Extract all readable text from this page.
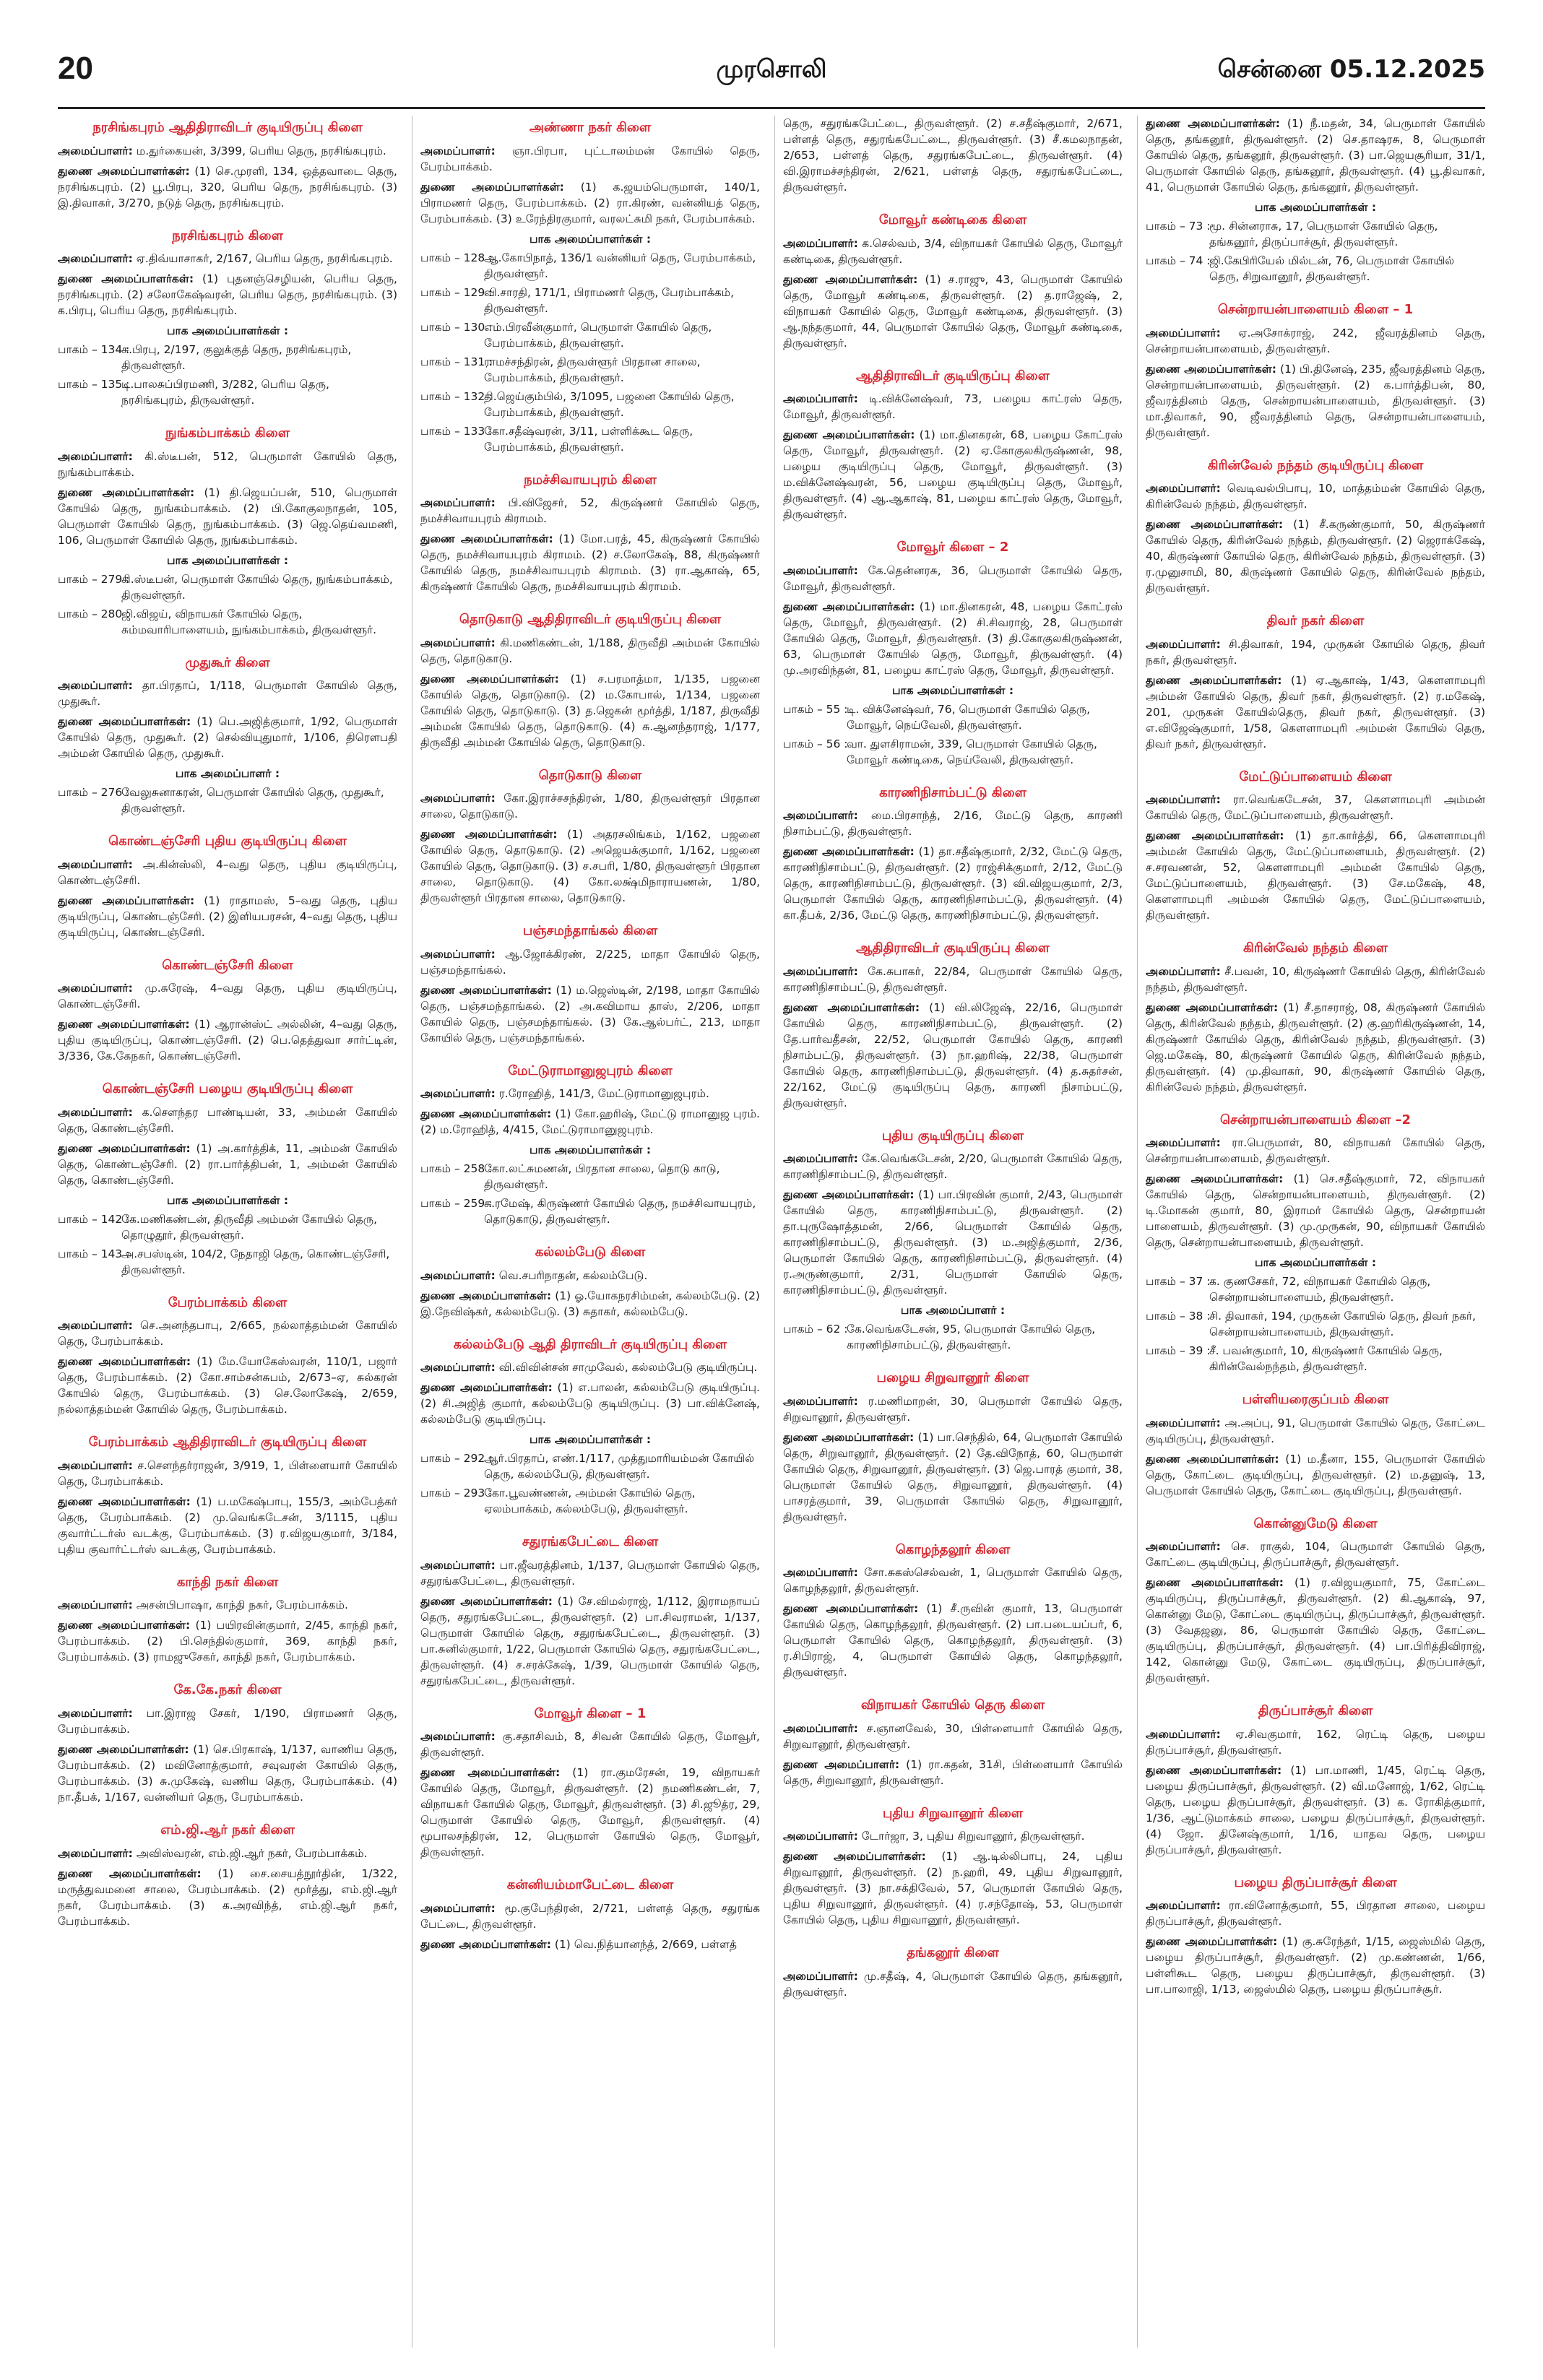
20	முரசொலி	சென்னை 05.12.2025
நரசிங்கபுரம் ஆதிதிராவிடர் குடியிருப்பு கிளை
அமைப்பாளர்: ம.துர்கையன், 3/399, பெரிய தெரு, நரசிங்கபுரம்.
துணை அமைப்பாளர்கள்: (1) செ.முரளி, 134, ஒத்தவாடை தெரு, நரசிங்கபுரம். (2) பூ.பிரபு, 320, பெரிய தெரு, நரசிங்கபுரம். (3) இ.திவாகர், 3/270, நடுத் தெரு, நரசிங்கபுரம்.
நரசிங்கபுரம் கிளை
அமைப்பாளர்: ஏ.திவ்யாசாகர், 2/167, பெரிய தெரு, நரசிங்கபுரம்.
துணை அமைப்பாளர்கள்: (1) புதனஞ்செழியன், பெரிய தெரு, நரசிங்கபுரம். (2) சலோகேஷ்வரன், பெரிய தெரு, நரசிங்கபுரம். (3) க.பிரபு, பெரிய தெரு, நரசிங்கபுரம்.
பாக அமைப்பாளர்கள் :
பாகம் – 134 :
சு.பிரபு, 2/197, குலுக்குத் தெரு, நரசிங்கபுரம், திருவள்ளூர்.
பாகம் – 135 :
டி.பாலசுப்பிரமணி, 3/282, பெரிய தெரு, நரசிங்கபுரம், திருவள்ளூர்.
நுங்கம்பாக்கம் கிளை
அமைப்பாளர்: கி.ஸ்டீபன், 512, பெருமாள் கோயில் தெரு, நுங்கம்பாக்கம்.
துணை அமைப்பாளர்கள்: (1) தி.ஜெயப்பன், 510, பெருமாள் கோயில் தெரு, நுங்கம்பாக்கம். (2) பி.கோகுலநாதன், 105, பெருமாள் கோயில் தெரு, நுங்கம்பாக்கம். (3) ஜெ.தெய்வமணி, 106, பெருமாள் கோயில் தெரு, நுங்கம்பாக்கம்.
பாக அமைப்பாளர்கள் :
பாகம் – 279 :
கி.ஸ்டீபன், பெருமாள் கோயில் தெரு, நுங்கம்பாக்கம், திருவள்ளூர்.
பாகம் – 280 :
ஜி.விஜய், விநாயகர் கோயில் தெரு, சும்மவாரிபாளையம், நுங்கம்பாக்கம், திருவள்ளூர்.
முதுகூர் கிளை
அமைப்பாளர்: தா.பிரதாப், 1/118, பெருமாள் கோயில் தெரு, முதுகூர்.
துணை அமைப்பாளர்கள்: (1) பெ.அஜித்குமார், 1/92, பெருமாள் கோயில் தெரு, முதுகூர். (2) செல்வியுதுமார், 1/106, திரௌபதி அம்மன் கோயில் தெரு, முதுகூர்.
பாக அமைப்பாளர் :
பாகம் – 276 :
வேலுசுனாகரன், பெருமாள் கோயில் தெரு, முதுகூர், திருவள்ளூர்.
கொண்டஞ்சேரி புதிய குடியிருப்பு கிளை
அமைப்பாளர்: அ.கின்ஸ்லி, 4–வது தெரு, புதிய குடியிருப்பு, கொண்டஞ்சேரி.
துணை அமைப்பாளர்கள்: (1) ராதாமஸ், 5–வது தெரு, புதிய குடியிருப்பு, கொண்டஞ்சேரி. (2) இளியபரசன், 4–வது தெரு, புதிய குடியிருப்பு, கொண்டஞ்சேரி.
கொண்டஞ்சேரி கிளை
அமைப்பாளர்: மு.சுரேஷ், 4–வது தெரு, புதிய குடியிருப்பு, கொண்டஞ்சேரி.
துணை அமைப்பாளர்கள்: (1) ஆரான்ஸ்ட் அல்லின், 4–வது தெரு, புதிய குடியிருப்பு, கொண்டஞ்சேரி. (2) பெ.தெத்துவா சார்ட்டின், 3/336, கே.கேநகர், கொண்டஞ்சேரி.
கொண்டஞ்சேரி பழைய குடியிருப்பு கிளை
அமைப்பாளர்: க.சௌந்தர பாண்டியன், 33, அம்மன் கோயில் தெரு, கொண்டஞ்சேரி.
துணை அமைப்பாளர்கள்: (1) அ.கார்த்திக், 11, அம்மன் கோயில் தெரு, கொண்டஞ்சேரி. (2) ரா.பார்த்திபன், 1, அம்மன் கோயில் தெரு, கொண்டஞ்சேரி.
பாக அமைப்பாளர்கள் :
பாகம் – 142 :
கே.மணிகண்டன், திருவீதி அம்மன் கோயில் தெரு, தொழுதூர், திருவள்ளூர்.
பாகம் – 143 :
அ.சபஸ்டின், 104/2, நேதாஜி தெரு, கொண்டஞ்சேரி, திருவள்ளூர்.
பேரம்பாக்கம் கிளை
அமைப்பாளர்: செ.அனந்தபாபு, 2/665, நல்லாத்தம்மன் கோயில் தெரு, பேரம்பாக்கம்.
துணை அமைப்பாளர்கள்: (1) மே.யோகேஸ்வரன், 110/1, பஜார் தெரு, பேரம்பாக்கம். (2) கோ.சாம்சன்சுபம், 2/673–ஏ, சுல்கரன் கோயில் தெரு, பேரம்பாக்கம். (3) செ.லோகேஷ், 2/659, நல்லாத்தம்மன் கோயில் தெரு, பேரம்பாக்கம்.
பேரம்பாக்கம் ஆதிதிராவிடர் குடியிருப்பு கிளை
அமைப்பாளர்: ச.சௌந்தர்ராஜன், 3/919, 1, பிள்ளையார் கோயில் தெரு, பேரம்பாக்கம்.
துணை அமைப்பாளர்கள்: (1) ப.மகேஷ்பாபு, 155/3, அம்பேத்கர் தெரு, பேரம்பாக்கம். (2) மு.வெங்கடேசன், 3/1115, புதிய குவார்ட்டர்ஸ் வடக்கு, பேரம்பாக்கம். (3) ர.விஜயகுமார், 3/184, புதிய குவார்ட்டர்ஸ் வடக்கு, பேரம்பாக்கம்.
காந்தி நகர் கிளை
அமைப்பாளர்: அசன்பிபாஷா, காந்தி நகர், பேரம்பாக்கம்.
துணை அமைப்பாளர்கள்: (1) பயிரவின்குமார், 2/45, காந்தி நகர், பேரம்பாக்கம். (2) பி.செந்தில்குமார், 369, காந்தி நகர், பேரம்பாக்கம். (3) ராமஜுசேகர், காந்தி நகர், பேரம்பாக்கம்.
கே.கே.நகர் கிளை
அமைப்பாளர்: பா.இராஜ சேகர், 1/190, பிராமணர் தெரு, பேரம்பாக்கம்.
துணை அமைப்பாளர்கள்: (1) செ.பிரகாஷ், 1/137, வாணிய தெரு, பேரம்பாக்கம். (2) மவினோத்குமார், சவுவரன் கோயில் தெரு, பேரம்பாக்கம். (3) சு.முகேஷ், வணிய தெரு, பேரம்பாக்கம். (4) நா.தீபக், 1/167, வன்னியர் தெரு, பேரம்பாக்கம்.
எம்.ஜி.ஆர் நகர் கிளை
அமைப்பாளர்: அவிஸ்வரன், எம்.ஜி.ஆர் நகர், பேரம்பாக்கம்.
துணை அமைப்பாளர்கள்: (1) சை.சையத்நூர்தின், 1/322, மருத்துவமனை சாலை, பேரம்பாக்கம். (2) மூர்த்து, எம்.ஜி.ஆர் நகர், பேரம்பாக்கம். (3) க.அரவிந்த், எம்.ஜி.ஆர் நகர், பேரம்பாக்கம்.
அண்ணா நகர் கிளை
அமைப்பாளர்: ஞா.பிரபா, புட்டாலம்மன் கோயில் தெரு, பேரம்பாக்கம்.
துணை அமைப்பாளர்கள்: (1) க.ஜயம்பெருமாள், 140/1, பிராமணர் தெரு, பேரம்பாக்கம். (2) ரா.கிரண், வன்னியத் தெரு, பேரம்பாக்கம். (3) உரேந்திரகுமார், வரலட்சுமி நகர், பேரம்பாக்கம்.
பாக அமைப்பாளர்கள் :
பாகம் – 128 :
ஆ.கோபிநாத், 136/1 வன்னியர் தெரு, பேரம்பாக்கம், திருவள்ளூர்.
பாகம் – 129 :
வி.சாரதி, 171/1, பிராமணர் தெரு, பேரம்பாக்கம், திருவள்ளூர்.
பாகம் – 130 :
எம்.பிரவீன்குமார், பெருமாள் கோயில் தெரு, பேரம்பாக்கம், திருவள்ளூர்.
பாகம் – 131 :
ராமச்சந்திரன், திருவள்ளூர் பிரதான சாலை, பேரம்பாக்கம், திருவள்ளூர்.
பாகம் – 132 :
தி.ஜெய்கும்பில், 3/1095, பஜனை கோயில் தெரு, பேரம்பாக்கம், திருவள்ளூர்.
பாகம் – 133 :
கோ.சதீஷ்வரன், 3/11, பள்ளிக்கூட தெரு, பேரம்பாக்கம், திருவள்ளூர்.
நமச்சிவாயபுரம் கிளை
அமைப்பாளர்: பி.விஜேசர், 52, கிருஷ்ணர் கோயில் தெரு, நமச்சிவாயபுரம் கிராமம்.
துணை அமைப்பாளர்கள்: (1) மோ.பரத், 45, கிருஷ்ணர் கோயில் தெரு, நமச்சிவாயபுரம் கிராமம். (2) ச.லோகேஷ், 88, கிருஷ்ணர் கோயில் தெரு, நமச்சிவாயபுரம் கிராமம். (3) ரா.ஆகாஷ், 65, கிருஷ்ணர் கோயில் தெரு, நமச்சிவாயபுரம் கிராமம்.
தொடுகாடு ஆதிதிராவிடர் குடியிருப்பு கிளை
அமைப்பாளர்: கி.மணிகண்டன், 1/188, திருவீதி அம்மன் கோயில் தெரு, தொடுகாடு.
துணை அமைப்பாளர்கள்: (1) ச.பரமாத்மா, 1/135, பஜனை கோயில் தெரு, தொடுகாடு. (2) ம.கோபால், 1/134, பஜனை கோயில் தெரு, தொடுகாடு. (3) த.ஜெகன் மூர்த்தி, 1/187, திருவீதி அம்மன் கோயில் தெரு, தொடுகாடு. (4) சு.ஆனந்தராஜ், 1/177, திருவீதி அம்மன் கோயில் தெரு, தொடுகாடு.
தொடுகாடு கிளை
அமைப்பாளர்: கோ.இராச்சசந்திரன், 1/80, திருவள்ளூர் பிரதான சாலை, தொடுகாடு.
துணை அமைப்பாளர்கள்: (1) அதரசலிங்கம், 1/162, பஜனை கோயில் தெரு, தொடுகாடு. (2) அஜெயக்குமார், 1/162, பஜனை கோயில் தெரு, தொடுகாடு. (3) ச.சபரி, 1/80, திருவள்ளூர் பிரதான சாலை, தொடுகாடு. (4) கோ.லக்ஷ்மிநாராயணன், 1/80, திருவள்ளூர் பிரதான சாலை, தொடுகாடு.
பஞ்சமந்தாங்கல் கிளை
அமைப்பாளர்: ஆ.ஜோக்கிரண், 2/225, மாதா கோயில் தெரு, பஞ்சமந்தாங்கல்.
துணை அமைப்பாளர்கள்: (1) ம.ஜெஸ்டின், 2/198, மாதா கோயில் தெரு, பஞ்சமந்தாங்கல். (2) அ.கவிமாய தாஸ், 2/206, மாதா கோயில் தெரு, பஞ்சமந்தாங்கல். (3) கே.ஆல்பர்ட், 213, மாதா கோயில் தெரு, பஞ்சமந்தாங்கல்.
மேட்டுராமானுஜபுரம் கிளை
அமைப்பாளர்: ர.ரோஹித், 141/3, மேட்டுராமானுஜபுரம்.
துணை அமைப்பாளர்கள்: (1) கோ.ஹரிஷ், மேட்டு ராமானுஜ புரம். (2) ம.ரோஹித், 4/415, மேட்டுராமானுஜபுரம்.
பாக அமைப்பாளர்கள் :
பாகம் – 258 :
கோ.லட்சுமணன், பிரதான சாலை, தொடு காடு, திருவள்ளூர்.
பாகம் – 259 :
சு.ரமேஷ், கிருஷ்ணர் கோயில் தெரு, நமச்சிவாயபுரம், தொடுகாடு, திருவள்ளூர்.
கல்லம்பேடு கிளை
அமைப்பாளர்: வெ.சபரிநாதன், கல்லம்பேடு.
துணை அமைப்பாளர்கள்: (1) ஓ.யோகநரசிம்மன், கல்லம்பேடு. (2) இ.நேவிஷ்கர், கல்லம்பேடு. (3) சுதாகர், கல்லம்பேடு.
கல்லம்பேடு ஆதி திராவிடர் குடியிருப்பு கிளை
அமைப்பாளர்: வி.விவின்சன் சாமுவேல், கல்லம்பேடு குடியிருப்பு.
துணை அமைப்பாளர்கள்: (1) எ.பாலன், கல்லம்பேடு குடியிருப்பு. (2) சி.அஜித் குமார், கல்லம்பேடு குடியிருப்பு. (3) பா.விக்னேஷ், கல்லம்பேடு குடியிருப்பு.
பாக அமைப்பாளர்கள் :
பாகம் – 292 :
ஆர்.பிரதாப், எண்.1/117, முத்துமாரியம்மன் கோயில் தெரு, கல்லம்பேடு, திருவள்ளூர்.
பாகம் – 293 :
கோ.பூவண்ணன், அம்மன் கோயில் தெரு, ஏலம்பாக்கம், கல்லம்பேடு, திருவள்ளூர்.
சதுரங்கபேட்டை கிளை
அமைப்பாளர்: பா.ஜீவரத்தினம், 1/137, பெருமாள் கோயில் தெரு, சதுரங்கபேட்டை, திருவள்ளூர்.
துணை அமைப்பாளர்கள்: (1) சே.விமல்ராஜ், 1/112, இராமநாயப் தெரு, சதுரங்கபேட்டை, திருவள்ளூர். (2) பா.சிவராமன், 1/137, பெருமாள் கோயில் தெரு, சதுரங்கபேட்டை, திருவள்ளூர். (3) பா.சுனில்குமார், 1/22, பெருமாள் கோயில் தெரு, சதுரங்கபேட்டை, திருவள்ளூர். (4) ச.சரக்கேஷ், 1/39, பெருமாள் கோயில் தெரு, சதுரங்கபேட்டை, திருவள்ளூர்.
மோவூர் கிளை – 1
அமைப்பாளர்: கு.சதாசிவம், 8, சிவன் கோயில் தெரு, மோவூர், திருவள்ளூர்.
துணை அமைப்பாளர்கள்: (1) ரா.குமரேசன், 19, விநாயகர் கோயில் தெரு, மோவூர், திருவள்ளூர். (2) நமணிகண்டன், 7, விநாயகர் கோயில் தெரு, மோவூர், திருவள்ளூர். (3) சி.ஜூத்ர, 29, பெருமாள் கோயில் தெரு, மோவூர், திருவள்ளூர். (4) மூபாலசந்திரன், 12, பெருமாள் கோயில் தெரு, மோவூர், திருவள்ளூர்.
கன்னியம்மாபேட்டை கிளை
அமைப்பாளர்: மூ.குபேந்திரன், 2/721, பள்ளத் தெரு, சதுரங்க பேட்டை, திருவள்ளூர்.
துணை அமைப்பாளர்கள்: (1) வெ.நித்யானந்த், 2/669, பள்ளத்
தெரு, சதுரங்கபேட்டை, திருவள்ளூர். (2) ச.சதீஷ்குமார், 2/671, பள்ளத் தெரு, சதுரங்கபேட்டை, திருவள்ளூர். (3) சீ.கமலநாதன், 2/653, பள்ளத் தெரு, சதுரங்கபேட்டை, திருவள்ளூர். (4) வி.இராமச்சந்திரன், 2/621, பள்ளத் தெரு, சதுரங்கபேட்டை, திருவள்ளூர்.
மோவூர் கண்டிகை கிளை
அமைப்பாளர்: க.செல்வம், 3/4, விநாயகர் கோயில் தெரு, மோவூர் கண்டிகை, திருவள்ளூர்.
துணை அமைப்பாளர்கள்: (1) ச.ராஜு, 43, பெருமாள் கோயில் தெரு, மோவூர் கண்டிகை, திருவள்ளூர். (2) த.ராஜேஷ், 2, விநாயகர் கோயில் தெரு, மோவூர் கண்டிகை, திருவள்ளூர். (3) ஆ.நந்தகுமார், 44, பெருமாள் கோயில் தெரு, மோவூர் கண்டிகை, திருவள்ளூர்.
ஆதிதிராவிடர் குடியிருப்பு கிளை
அமைப்பாளர்: டி.விக்னேஷ்வர், 73, பழைய காட்ரஸ் தெரு, மோவூர், திருவள்ளூர்.
துணை அமைப்பாளர்கள்: (1) மா.தினகரன், 68, பழைய கோட்ரஸ் தெரு, மோவூர், திருவள்ளூர். (2) ஏ.கோகுலகிருஷ்ணன், 98, பழைய குடியிருப்பு தெரு, மோவூர், திருவள்ளூர். (3) ம.விக்னேஷ்வரன், 56, பழைய குடியிருப்பு தெரு, மோவூர், திருவள்ளூர். (4) ஆ.ஆகாஷ், 81, பழைய காட்ரஸ் தெரு, மோவூர், திருவள்ளூர்.
மோவூர் கிளை – 2
அமைப்பாளர்: கே.தென்னரசு, 36, பெருமாள் கோயில் தெரு, மோவூர், திருவள்ளூர்.
துணை அமைப்பாளர்கள்: (1) மா.தினகரன், 48, பழைய கோட்ரஸ் தெரு, மோவூர், திருவள்ளூர். (2) சி.சிவராஜ், 28, பெருமாள் கோயில் தெரு, மோவூர், திருவள்ளூர். (3) தி.கோகுலகிருஷ்ணன், 63, பெருமாள் கோயில் தெரு, மோவூர், திருவள்ளூர். (4) மு.அரவிந்தன், 81, பழைய காட்ரஸ் தெரு, மோவூர், திருவள்ளூர்.
பாக அமைப்பாளர்கள் :
பாகம் – 55 :
டி. விக்னேஷ்வர், 76, பெருமாள் கோயில் தெரு, மோவூர், நெய்வேலி, திருவள்ளூர்.
பாகம் – 56 :
வா. துளசிராமன், 339, பெருமாள் கோயில் தெரு, மோவூர் கண்டிகை, நெய்வேலி, திருவள்ளூர்.
காரணிநிசாம்பட்டு கிளை
அமைப்பாளர்: மை.பிரசாந்த், 2/16, மேட்டு தெரு, காரணி நிசாம்பட்டு, திருவள்ளூர்.
துணை அமைப்பாளர்கள்: (1) தா.சதீஷ்குமார், 2/32, மேட்டு தெரு, காரணிநிசாம்பட்டு, திருவள்ளூர். (2) ராஜ்சிக்குமார், 2/12, மேட்டு தெரு, காரணிநிசாம்பட்டு, திருவள்ளூர். (3) வி.விஜயகுமார், 2/3, பெருமாள் கோயில் தெரு, காரணிநிசாம்பட்டு, திருவள்ளூர். (4) கா.தீபக், 2/36, மேட்டு தெரு, காரணிநிசாம்பட்டு, திருவள்ளூர்.
ஆதிதிராவிடர் குடியிருப்பு கிளை
அமைப்பாளர்: கே.சுபாகர், 22/84, பெருமாள் கோயில் தெரு, காரணிநிசாம்பட்டு, திருவள்ளூர்.
துணை அமைப்பாளர்கள்: (1) வி.லிஜேஷ், 22/16, பெருமாள் கோயில் தெரு, காரணிநிசாம்பட்டு, திருவள்ளூர். (2) தே.பார்வதீசன், 22/52, பெருமாள் கோயில் தெரு, காரணி நிசாம்பட்டு, திருவள்ளூர். (3) நா.ஹரிஷ், 22/38, பெருமாள் கோயில் தெரு, காரணிநிசாம்பட்டு, திருவள்ளூர். (4) த.சுதர்சன், 22/162, மேட்டு குடியிருப்பு தெரு, காரணி நிசாம்பட்டு, திருவள்ளூர்.
புதிய குடியிருப்பு கிளை
அமைப்பாளர்: கே.வெங்கடேசன், 2/20, பெருமாள் கோயில் தெரு, காரணிநிசாம்பட்டு, திருவள்ளூர்.
துணை அமைப்பாளர்கள்: (1) பா.பிரவின் குமார், 2/43, பெருமாள் கோயில் தெரு, காரணிநிசாம்பட்டு, திருவள்ளூர். (2) தா.புருஷோத்தமன், 2/66, பெருமாள் கோயில் தெரு, காரணிநிசாம்பட்டு, திருவள்ளூர். (3) ம.அஜித்குமார், 2/36, பெருமாள் கோயில் தெரு, காரணிநிசாம்பட்டு, திருவள்ளூர். (4) ர.அருண்குமார், 2/31, பெருமாள் கோயில் தெரு, காரணிநிசாம்பட்டு, திருவள்ளூர்.
பாக அமைப்பாளர் :
பாகம் – 62 :
கே.வெங்கடேசன், 95, பெருமாள் கோயில் தெரு, காரணிநிசாம்பட்டு, திருவள்ளூர்.
பழைய சிறுவானூர் கிளை
அமைப்பாளர்: ர.மணிமாறன், 30, பெருமாள் கோயில் தெரு, சிறுவானூர், திருவள்ளூர்.
துணை அமைப்பாளர்கள்: (1) பா.செந்தில், 64, பெருமாள் கோயில் தெரு, சிறுவானூர், திருவள்ளூர். (2) தே.விநோத், 60, பெருமாள் கோயில் தெரு, சிறுவானூர், திருவள்ளூர். (3) ஜெ.பாரத் குமார், 38, பெருமாள் கோயில் தெரு, சிறுவானூர், திருவள்ளூர். (4) பாசரத்குமார், 39, பெருமாள் கோயில் தெரு, சிறுவானூர், திருவள்ளூர்.
கொழந்தலூர் கிளை
அமைப்பாளர்: சோ.சுகஸ்செல்வன், 1, பெருமாள் கோயில் தெரு, கொழந்தலூர், திருவள்ளூர்.
துணை அமைப்பாளர்கள்: (1) சீ.ருவின் குமார், 13, பெருமாள் கோயில் தெரு, கொழந்தலூர், திருவள்ளூர். (2) பா.படையப்பர், 6, பெருமாள் கோயில் தெரு, கொழந்தலூர், திருவள்ளூர். (3) ர.சிபிராஜ், 4, பெருமாள் கோயில் தெரு, கொழந்தலூர், திருவள்ளூர்.
விநாயகர் கோயில் தெரு கிளை
அமைப்பாளர்: ச.ஞானவேல், 30, பிள்ளையார் கோயில் தெரு, சிறுவானூர், திருவள்ளூர்.
துணை அமைப்பாளர்: (1) ரா.கதன், 31சி, பிள்ளையார் கோயில் தெரு, சிறுவானூர், திருவள்ளூர்.
புதிய சிறுவானூர் கிளை
அமைப்பாளர்: டோர்ஜா, 3, புதிய சிறுவானூர், திருவள்ளூர்.
துணை அமைப்பாளர்கள்: (1) ஆ.டில்லிபாபு, 24, புதிய சிறுவானூர், திருவள்ளூர். (2) ந.ஹரி, 49, புதிய சிறுவானூர், திருவள்ளூர். (3) நா.சக்திவேல், 57, பெருமாள் கோயில் தெரு, புதிய சிறுவானூர், திருவள்ளூர். (4) ர.சந்தோஷ், 53, பெருமாள் கோயில் தெரு, புதிய சிறுவானூர், திருவள்ளூர்.
தங்கனூர் கிளை
அமைப்பாளர்: மு.சதீஷ், 4, பெருமாள் கோயில் தெரு, தங்கனூர், திருவள்ளூர்.
துணை அமைப்பாளர்கள்: (1) நீ.மதன், 34, பெருமாள் கோயில் தெரு, தங்கனூர், திருவள்ளூர். (2) செ.தாஷரசு, 8, பெருமாள் கோயில் தெரு, தங்கனூர், திருவள்ளூர். (3) பா.ஜெயசூரியா, 31/1, பெருமாள் கோயில் தெரு, தங்கனூர், திருவள்ளூர். (4) பூ.திவாகர், 41, பெருமாள் கோயில் தெரு, தங்கனூர், திருவள்ளூர்.
பாக அமைப்பாளர்கள் :
பாகம் – 73 :
மூ. சின்னராசு, 17, பெருமாள் கோயில் தெரு, தங்கனூர், திருப்பாச்சூர், திருவள்ளூர்.
பாகம் – 74 :
ஜி.கேபிரியேல் மில்டன், 76, பெருமாள் கோயில் தெரு, சிறுவானூர், திருவள்ளூர்.
சென்றாயன்பாளையம் கிளை – 1
அமைப்பாளர்: ஏ.அசோக்ராஜ், 242, ஜீவரத்தினம் தெரு, சென்றாயன்பாளையம், திருவள்ளூர்.
துணை அமைப்பாளர்கள்: (1) பி.தினேஷ், 235, ஜீவரத்தினம் தெரு, சென்றாயன்பாளையம், திருவள்ளூர். (2) க.பார்த்திபன், 80, ஜீவரத்தினம் தெரு, சென்றாயன்பாளையம், திருவள்ளூர். (3) மா.திவாகர், 90, ஜீவரத்தினம் தெரு, சென்றாயன்பாளையம், திருவள்ளூர்.
கிரின்வேல் நந்தம் குடியிருப்பு கிளை
அமைப்பாளர்: வெடிவல்பிபாபு, 10, மாத்தம்மன் கோயில் தெரு, கிரின்வேல் நந்தம், திருவள்ளூர்.
துணை அமைப்பாளர்கள்: (1) சீ.கருண்குமார், 50, கிருஷ்ணர் கோயில் தெரு, கிரின்வேல் நந்தம், திருவள்ளூர். (2) ஜெராக்கேஷ், 40, கிருஷ்ணர் கோயில் தெரு, கிரின்வேல் நந்தம், திருவள்ளூர். (3) ர.முனுசாமி, 80, கிருஷ்ணர் கோயில் தெரு, கிரின்வேல் நந்தம், திருவள்ளூர்.
திவர் நகர் கிளை
அமைப்பாளர்: சி.திவாகர், 194, முருகன் கோயில் தெரு, திவர் நகர், திருவள்ளூர்.
துணை அமைப்பாளர்கள்: (1) ஏ.ஆகாஷ், 1/43, கௌளாமபுரி அம்மன் கோயில் தெரு, திவர் நகர், திருவள்ளூர். (2) ர.மகேஷ், 201, முருகன் கோயில்தெரு, திவர் நகர், திருவள்ளூர். (3) எ.விஜேஷ்குமார், 1/58, கௌளாமபுரி அம்மன் கோயில் தெரு, திவர் நகர், திருவள்ளூர்.
மேட்டுப்பாளையம் கிளை
அமைப்பாளர்: ரா.வெங்கடேசன், 37, கௌளாமபுரி அம்மன் கோயில் தெரு, மேட்டுப்பாளையம், திருவள்ளூர்.
துணை அமைப்பாளர்கள்: (1) தா.கார்த்தி, 66, கௌளாமபுரி அம்மன் கோயில் தெரு, மேட்டுப்பாளையம், திருவள்ளூர். (2) ச.சரவணன், 52, கௌளாமபுரி அம்மன் கோயில் தெரு, மேட்டுப்பாளையம், திருவள்ளூர். (3) சே.மகேஷ், 48, கௌளாமபுரி அம்மன் கோயில் தெரு, மேட்டுப்பாளையம், திருவள்ளூர்.
கிரின்வேல் நந்தம் கிளை
அமைப்பாளர்: சீ.பவன், 10, கிருஷ்ணர் கோயில் தெரு, கிரின்வேல் நந்தம், திருவள்ளூர்.
துணை அமைப்பாளர்கள்: (1) சீ.தாசராஜ், 08, கிருஷ்ணர் கோயில் தெரு, கிரின்வேல் நந்தம், திருவள்ளூர். (2) கு.ஹரிகிருஷ்ணன், 14, கிருஷ்ணர் கோயில் தெரு, கிரின்வேல் நந்தம், திருவள்ளூர். (3) ஜெ.மகேஷ், 80, கிருஷ்ணர் கோயில் தெரு, கிரின்வேல் நந்தம், திருவள்ளூர். (4) மு.திவாகர், 90, கிருஷ்ணர் கோயில் தெரு, கிரின்வேல் நந்தம், திருவள்ளூர்.
சென்றாயன்பாளையம் கிளை –2
அமைப்பாளர்: ரா.பெருமாள், 80, விநாயகர் கோயில் தெரு, சென்றாயன்பாளையம், திருவள்ளூர்.
துணை அமைப்பாளர்கள்: (1) செ.சதீஷ்குமார், 72, விநாயகர் கோயில் தெரு, சென்றாயன்பாளையம், திருவள்ளூர். (2) டி.மோகன் குமார், 80, இராமர் கோயில் தெரு, சென்றாயன் பாளையம், திருவள்ளூர். (3) மு.முருகன், 90, விநாயகர் கோயில் தெரு, சென்றாயன்பாளையம், திருவள்ளூர்.
பாக அமைப்பாளர்கள் :
பாகம் – 37 :
க. குணசேகர், 72, விநாயகர் கோயில் தெரு, சென்றாயன்பாளையம், திருவள்ளூர்.
பாகம் – 38 :
சி. திவாகர், 194, முருகன் கோயில் தெரு, திவர் நகர், சென்றாயன்பாளையம், திருவள்ளூர்.
பாகம் – 39 :
சீ. பவன்குமார், 10, கிருஷ்ணர் கோயில் தெரு, கிரின்வேல்நந்தம், திருவள்ளூர்.
பள்ளியரைகுப்பம் கிளை
அமைப்பாளர்: அ.அப்பு, 91, பெருமாள் கோயில் தெரு, கோட்டை குடியிருப்பு, திருவள்ளூர்.
துணை அமைப்பாளர்கள்: (1) ம.தீனா, 155, பெருமாள் கோயில் தெரு, கோட்டை குடியிருப்பு, திருவள்ளூர். (2) ம.தனுஷ், 13, பெருமாள் கோயில் தெரு, கோட்டை குடியிருப்பு, திருவள்ளூர்.
கொன்னுமேடு கிளை
அமைப்பாளர்: செ. ராகுல், 104, பெருமாள் கோயில் தெரு, கோட்டை குடியிருப்பு, திருப்பாச்சூர், திருவள்ளூர்.
துணை அமைப்பாளர்கள்: (1) ர.விஜயகுமார், 75, கோட்டை குடியிருப்பு, திருப்பாச்சூர், திருவள்ளூர். (2) கி.ஆகாஷ், 97, கொன்னு மேடு, கோட்டை குடியிருப்பு, திருப்பாச்சூர், திருவள்ளூர். (3) வேதஜனு, 86, பெருமாள் கோயில் தெரு, கோட்டை குடியிருப்பு, திருப்பாச்சூர், திருவள்ளூர். (4) பா.பிரித்திவிராஜ், 142, கொன்னு மேடு, கோட்டை குடியிருப்பு, திருப்பாச்சூர், திருவள்ளூர்.
திருப்பாச்சூர் கிளை
அமைப்பாளர்: ஏ.சிவகுமார், 162, ரெட்டி தெரு, பழைய திருப்பாச்சூர், திருவள்ளூர்.
துணை அமைப்பாளர்கள்: (1) பா.மாணி, 1/45, ரெட்டி தெரு, பழைய திருப்பாச்சூர், திருவள்ளூர். (2) வி.மனோஜ், 1/62, ரெட்டி தெரு, பழைய திருப்பாச்சூர், திருவள்ளூர். (3) க. ரோகித்குமார், 1/36, ஆட்டுமாக்கம் சாலை, பழைய திருப்பாச்சூர், திருவள்ளூர். (4) ஜோ. தினேஷ்குமார், 1/16, யாதவ தெரு, பழைய திருப்பாச்சூர், திருவள்ளூர்.
பழைய திருப்பாச்சூர் கிளை
அமைப்பாளர்: ரா.வினோத்குமார், 55, பிரதான சாலை, பழைய திருப்பாச்சூர், திருவள்ளூர்.
துணை அமைப்பாளர்கள்: (1) கு.சுரேந்தர், 1/15, ஜைஸ்மில் தெரு, பழைய திருப்பாச்சூர், திருவள்ளூர். (2) மு.கண்ணன், 1/66, பள்ளிகூட தெரு, பழைய திருப்பாச்சூர், திருவள்ளூர். (3) பா.பாலாஜி, 1/13, ஜைஸ்மில் தெரு, பழைய திருப்பாச்சூர்.
